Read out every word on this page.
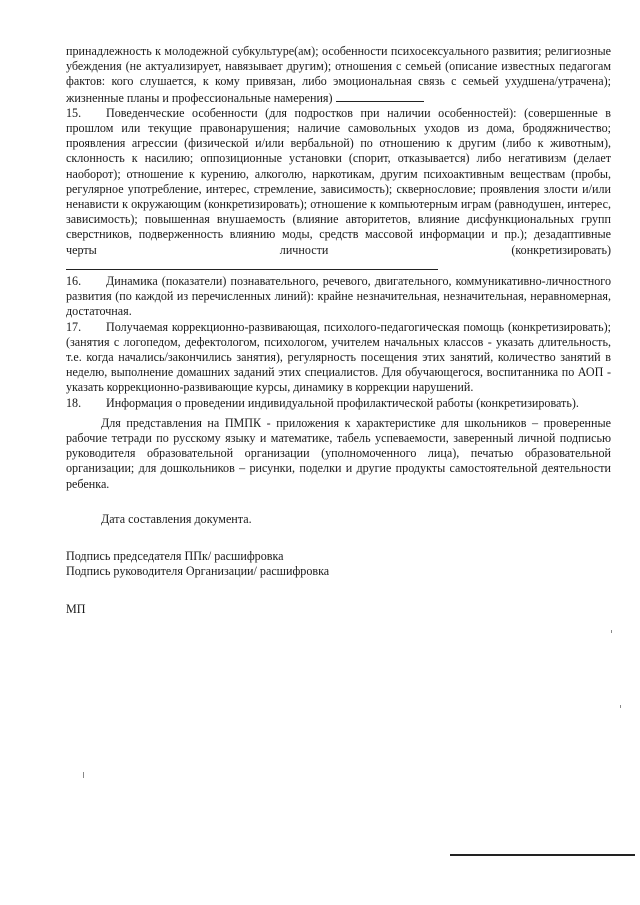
принадлежность к молодежной субкультуре(ам); особенности психосексуального развития; религиозные убеждения (не актуализирует, навязывает другим); отношения с семьей (описание известных педагогам фактов: кого слушается, к кому привязан, либо эмоциональная связь с семьей ухудшена/утрачена); жизненные планы и профессиональные намерения)

15. Поведенческие особенности (для подростков при наличии особенностей): (совершенные в прошлом или текущие правонарушения; наличие самовольных уходов из дома, бродяжничество; проявления агрессии (физической и/или вербальной) по отношению к другим (либо к животным), склонность к насилию; оппозиционные установки (спорит, отказывается) либо негативизм (делает наоборот); отношение к курению, алкоголю, наркотикам, другим психоактивным веществам (пробы, регулярное употребление, интерес, стремление, зависимость); сквернословие; проявления злости и/или ненависти к окружающим (конкретизировать); отношение к компьютерным играм (равнодушен, интерес, зависимость); повышенная внушаемость (влияние авторитетов, влияние дисфункциональных групп сверстников, подверженность влиянию моды, средств массовой информации и пр.); дезадаптивные черты личности (конкретизировать)

16. Динамика (показатели) познавательного, речевого, двигательного, коммуникативно-личностного развития (по каждой из перечисленных линий): крайне незначительная, незначительная, неравномерная, достаточная.

17. Получаемая коррекционно-развивающая, психолого-педагогическая помощь (конкретизировать); (занятия с логопедом, дефектологом, психологом, учителем начальных классов - указать длительность, т.е. когда начались/закончились занятия), регулярность посещения этих занятий, количество занятий в неделю, выполнение домашних заданий этих специалистов. Для обучающегося, воспитанника по АОП - указать коррекционно-развивающие курсы, динамику в коррекции нарушений.

18. Информация о проведении индивидуальной профилактической работы (конкретизировать).

Для представления на ПМПК - приложения к характеристике для школьников – проверенные рабочие тетради по русскому языку и математике, табель успеваемости, заверенный личной подписью руководителя образовательной организации (уполномоченного лица), печатью образовательной организации; для дошкольников – рисунки, поделки и другие продукты самостоятельной деятельности ребенка.

Дата составления документа.

Подпись председателя ППк/ расшифровка

Подпись руководителя Организации/ расшифровка

МП
